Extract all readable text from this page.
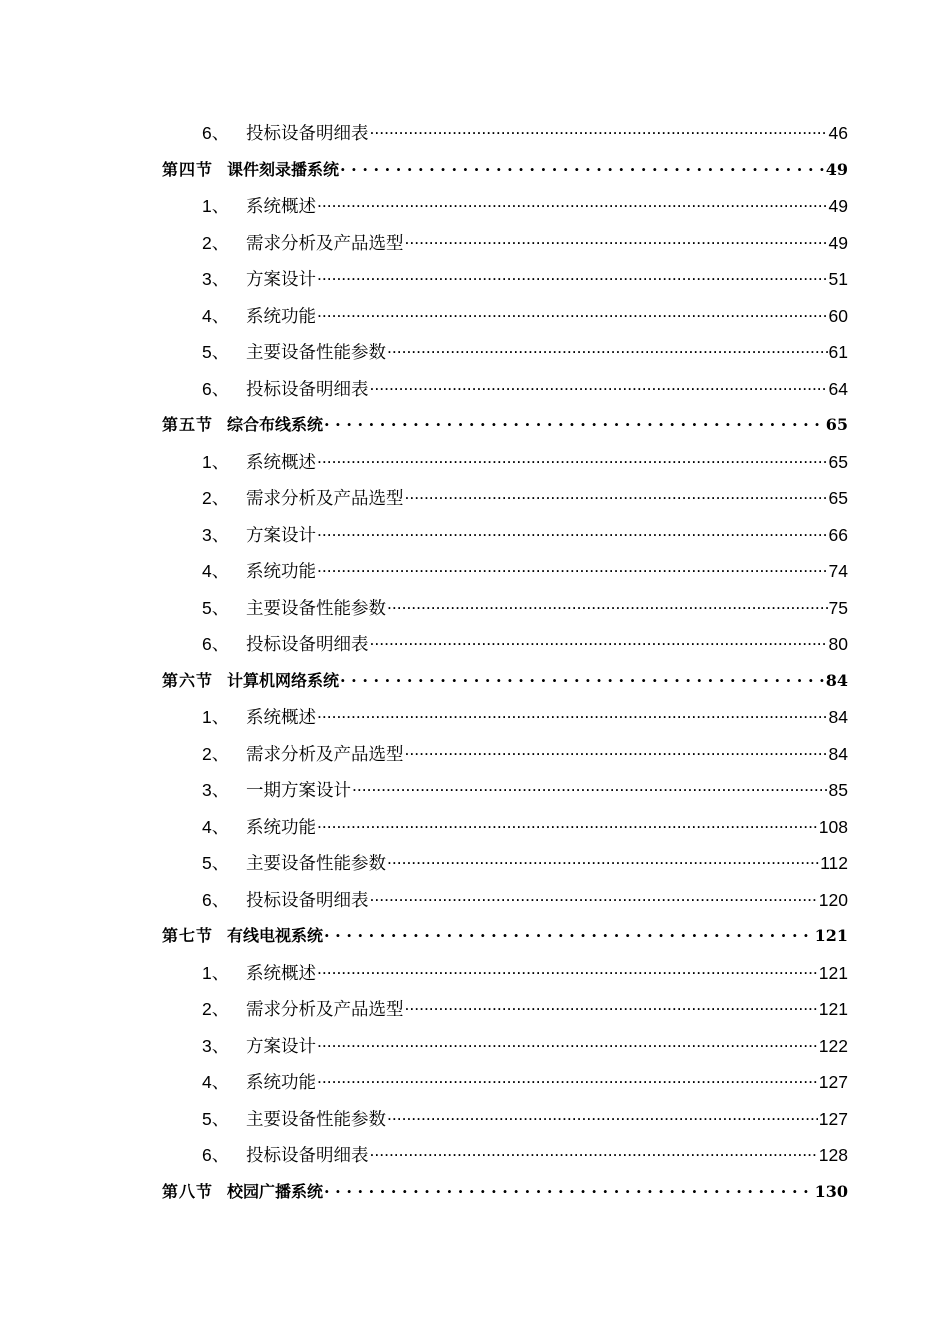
6、 投标设备明细表 .....	46
第四节 课件刻录播系统 . . .	49
1、 系统概述 .....	49
2、 需求分析及产品选型 .....	49
3、 方案设计 .....	51
4、 系统功能 .....	60
5、 主要设备性能参数 .....	61
6、 投标设备明细表 .....	64
第五节 综合布线系统 . . .	65
1、 系统概述 .....	65
2、 需求分析及产品选型 .....	65
3、 方案设计 .....	66
4、 系统功能 .....	74
5、 主要设备性能参数 .....	75
6、 投标设备明细表 .....	80
第六节 计算机网络系统 . . .	84
1、 系统概述 .....	84
2、 需求分析及产品选型 .....	84
3、 一期方案设计 .....	85
4、 系统功能 .....	108
5、 主要设备性能参数 .....	112
6、 投标设备明细表 .....	120
第七节 有线电视系统 . . .	121
1、 系统概述 .....	121
2、 需求分析及产品选型 .....	121
3、 方案设计 .....	122
4、 系统功能 .....	127
5、 主要设备性能参数 .....	127
6、 投标设备明细表 .....	128
第八节 校园广播系统 . . .	130
